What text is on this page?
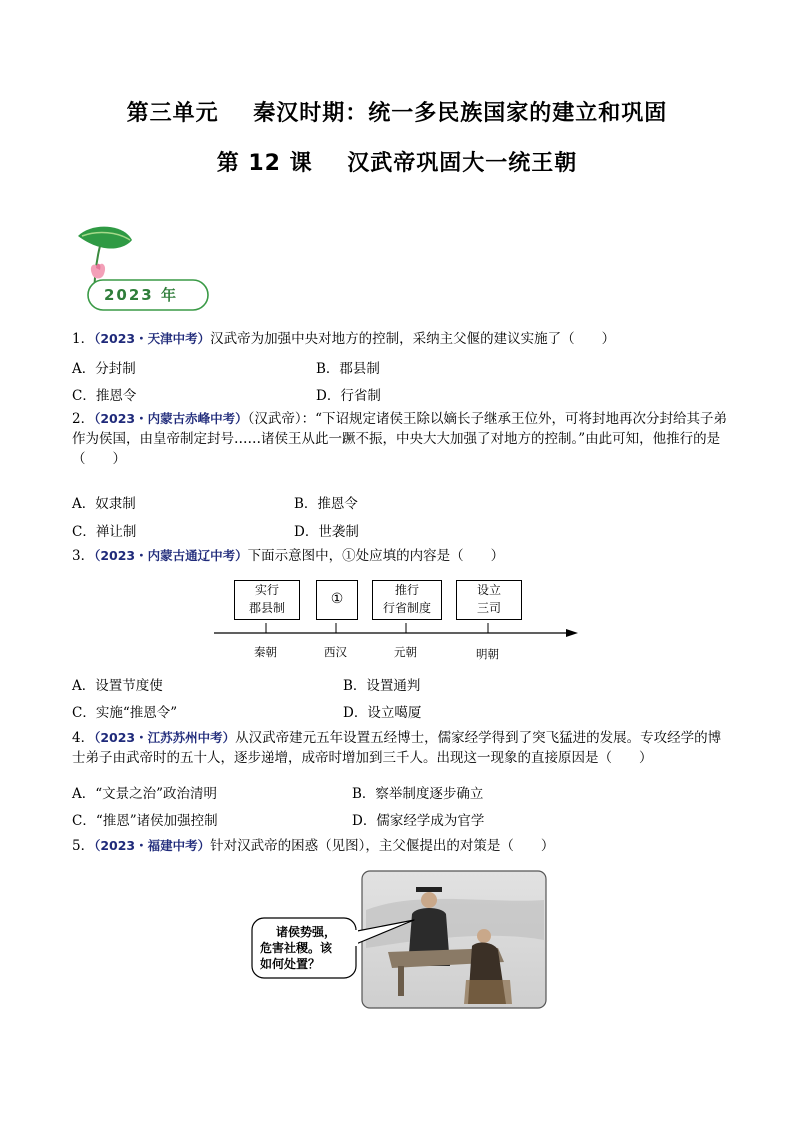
第三单元    秦汉时期：统一多民族国家的建立和巩固
第 12 课    汉武帝巩固大一统王朝
2023 年
1．（2023・天津中考）汉武帝为加强中央对地方的控制，采纳主父偃的建议实施了（　　）
A．分封制	B．郡县制
C．推恩令	D．行省制
2．（2023・内蒙古赤峰中考）（汉武帝）：“下诏规定诸侯王除以嫡长子继承王位外，可将封地再次分封给其子弟作为侯国，由皇帝制定封号……诸侯王从此一蹶不振，中央大大加强了对地方的控制。”由此可知，他推行的是（　　）
A．奴隶制	B．推恩令
C．禅让制	D．世袭制
3．（2023・内蒙古通辽中考）下面示意图中，①处应填的内容是（　　）
实行
郡县制
①
推行
行省制度
设立
三司
秦朝	西汉	元朝	明朝
A．设置节度使	B．设置通判
C．实施“推恩令”	D．设立噶厦
4．（2023・江苏苏州中考）从汉武帝建元五年设置五经博士，儒家经学得到了突飞猛进的发展。专攻经学的博士弟子由武帝时的五十人，逐步递增，成帝时增加到三千人。出现这一现象的直接原因是（　　）
A．“文景之治”政治清明	B．察举制度逐步确立
C．“推恩”诸侯加强控制	D．儒家经学成为官学
5．（2023・福建中考）针对汉武帝的困惑（见图），主父偃提出的对策是（　　）
诸侯势强，
危害社稷。该
如何处置？
